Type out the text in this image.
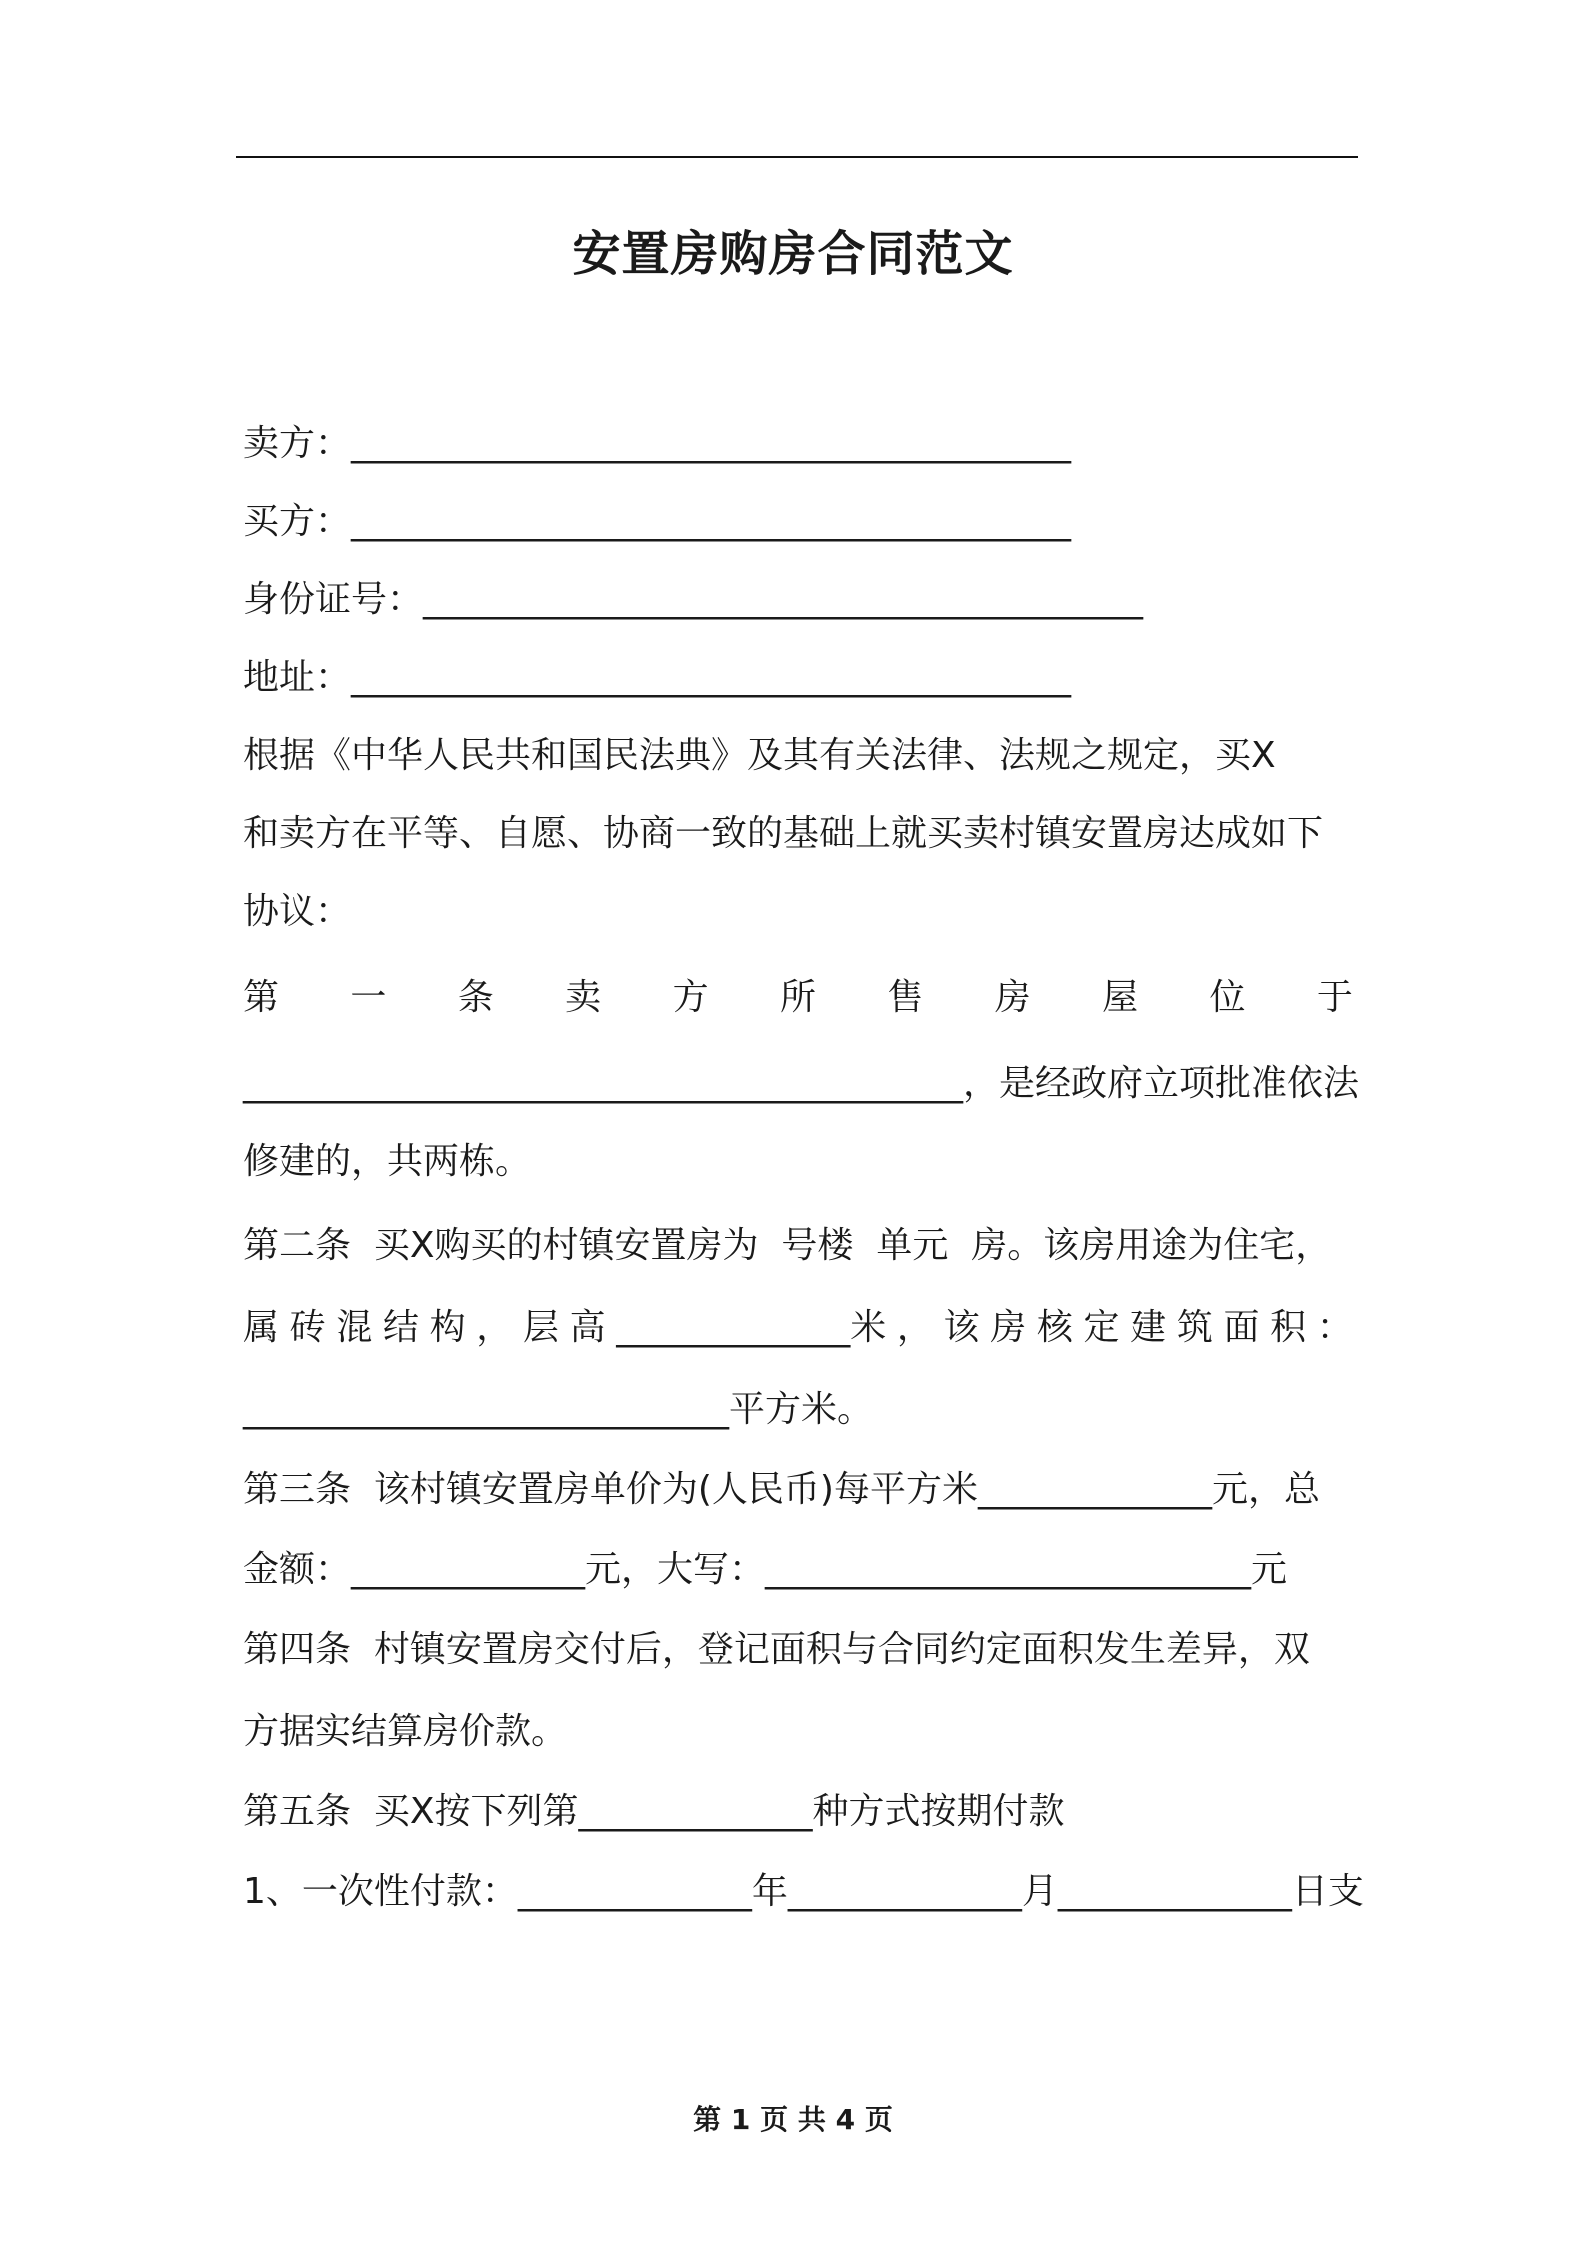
安置房购房合同范文
卖方：________________________________________
买方：________________________________________
身份证号：________________________________________
地址：________________________________________
根据《中华人民共和国民法典》及其有关法律、法规之规定，买X
和卖方在平等、自愿、协商一致的基础上就买卖村镇安置房达成如下
协议：
第 一 条 卖 方 所 售 房 屋 位 于
________________________________________，是经政府立项批准依法
修建的，共两栋。
第二条  买X购买的村镇安置房为  号楼  单元  房。该房用途为住宅，
属 砖 混 结 构 ， 层 高 _____________米 ， 该 房 核 定 建 筑 面 积 ：
___________________________平方米。
第三条  该村镇安置房单价为(人民币)每平方米_____________元，总
金额：_____________元，大写：___________________________元
第四条  村镇安置房交付后，登记面积与合同约定面积发生差异，双
方据实结算房价款。
第五条  买X按下列第_____________种方式按期付款
1、一次性付款：_____________年_____________月_____________日支
第 1 页 共 4 页
